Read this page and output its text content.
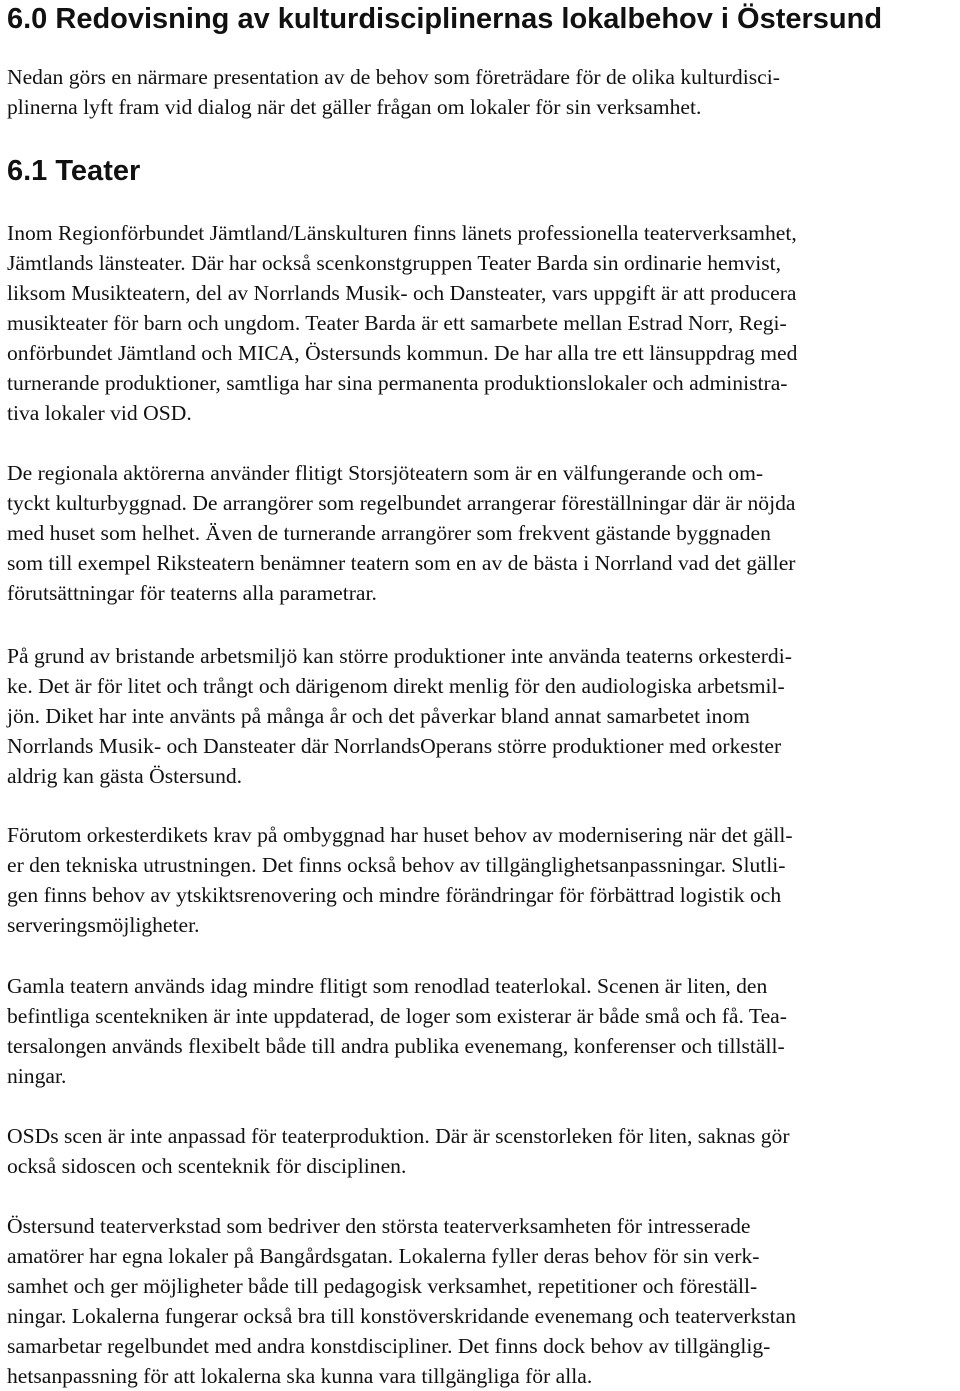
6.0 Redovisning av kulturdisciplinernas lokalbehov i Östersund
Nedan görs en närmare presentation av de behov som företrädare för de olika kulturdisci-
plinerna lyft fram vid dialog när det gäller frågan om lokaler för sin verksamhet.
6.1 Teater
Inom Regionförbundet Jämtland/Länskulturen finns länets professionella teaterverksamhet,
Jämtlands länsteater. Där har också scenkonstgruppen Teater Barda sin ordinarie hemvist,
liksom Musikteatern, del av Norrlands Musik- och Dansteater, vars uppgift är att producera
musikteater för barn och ungdom. Teater Barda är ett samarbete mellan Estrad Norr, Regi-
onförbundet Jämtland och MICA, Östersunds kommun. De har alla tre ett länsuppdrag med
turnerande produktioner, samtliga har sina permanenta produktionslokaler och administra-
tiva lokaler vid OSD.
De regionala aktörerna använder flitigt Storsjöteatern som är en välfungerande och om-
tyckt kulturbyggnad. De arrangörer som regelbundet arrangerar föreställningar där är nöjda
med huset som helhet. Även de turnerande arrangörer som frekvent gästande byggnaden
som till exempel Riksteatern benämner teatern som en av de bästa i Norrland vad det gäller
förutsättningar för teaterns alla parametrar.
På grund av bristande arbetsmiljö kan större produktioner inte använda teaterns orkesterdi-
ke. Det är för litet och trångt och därigenom direkt menlig för den audiologiska arbetsmil-
jön. Diket har inte använts på många år och det påverkar bland annat samarbetet inom
Norrlands Musik- och Dansteater där NorrlandsOperans större produktioner med orkester
aldrig kan gästa Östersund.
Förutom orkesterdikets krav på ombyggnad har huset behov av modernisering när det gäll-
er den tekniska utrustningen. Det finns också behov av tillgänglighetsanpassningar. Slutli-
gen finns behov av ytskiktsrenovering och mindre förändringar för förbättrad logistik och
serveringsmöjligheter.
Gamla teatern används idag mindre flitigt som renodlad teaterlokal. Scenen är liten, den
befintliga scentekniken är inte uppdaterad, de loger som existerar är både små och få. Tea-
tersalongen används flexibelt både till andra publika evenemang, konferenser och tillställ-
ningar.
OSDs scen är inte anpassad för teaterproduktion. Där är scenstorleken för liten, saknas gör
också sidoscen och scenteknik för disciplinen.
Östersund teaterverkstad som bedriver den största teaterverksamheten för intresserade
amatörer har egna lokaler på Bangårdsgatan. Lokalerna fyller deras behov för sin verk-
samhet och ger möjligheter både till pedagogisk verksamhet, repetitioner och föreställ-
ningar. Lokalerna fungerar också bra till konstöverskridande evenemang och teaterverkstan
samarbetar regelbundet med andra konstdiscipliner. Det finns dock behov av tillgänglig-
hetsanpassning för att lokalerna ska kunna vara tillgängliga för alla.
